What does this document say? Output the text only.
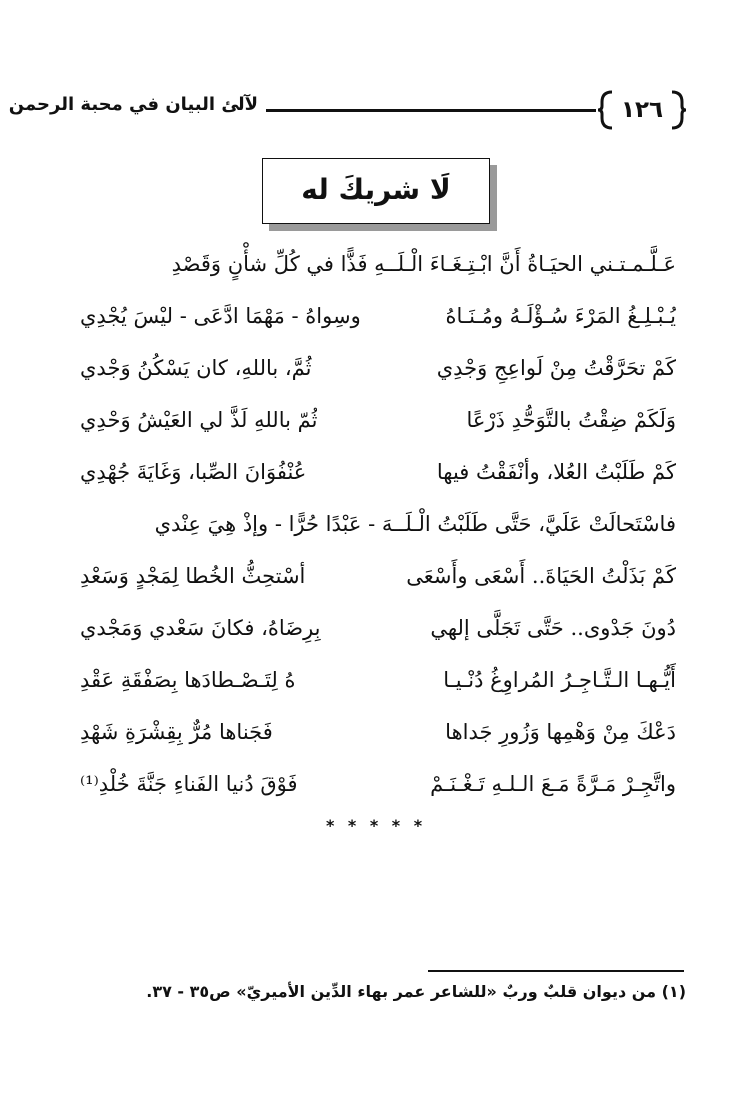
١٢٦
لآلئ البيان في محبة الرحمن
لَا شريكَ له
عَـلَّـمـتـني الحيَـاةُ أَنَّ ابْـتِـغَـاءَ الْـلَــهِ فَذًّا في كُلِّ شأْنٍ وَقَصْدِ
يُـبْـلِـغُ المَرْءَ سُـؤْلَـهُ ومُـنَـاهُ
وسِواهُ - مَهْمَا ادَّعَى - ليْسَ يُجْدِي
كَمْ تحَرَّقْتُ مِنْ لَواعِجِ وَجْدِي
ثُمَّ، باللهِ، كان يَسْكُنُ وَجْدي
وَلَكَمْ ضِقْتُ بالتَّوَحُّدِ ذَرْعًا
ثُمّ باللهِ لَذَّ لي العَيْشُ وَحْدِي
كَمْ طَلَبْتُ العُلا، وأنْفَقْتُ فيها
عُنْفُوَانَ الصِّبا، وَغَايَةَ جُهْدِي
فاسْتَحالَتْ عَلَيَّ، حَتَّى طَلَبْتُ الْـلَــهَ - عَبْدًا حُرًّا - وإذْ هِيَ عِنْدي
كَمْ بَذَلْتُ الحَيَاةَ.. أَسْعَى وأَسْعَى
أسْتحِثُّ الخُطا لِمَجْدٍ وَسَعْدِ
دُونَ جَدْوى.. حَتَّى تَجَلَّى إلهي
بِرِضَاهُ، فكانَ سَعْدي وَمَجْدي
أَيُّـهـا الـتَّـاجِـرُ المُراوِغُ دُنْـيـا
هُ لِتَـصْـطادَها بِصَفْقَةِ عَقْدِ
دَعْكَ مِنْ وَهْمِها وَزُورِ جَداها
فَجَناها مُرٌّ بِقِشْرَةِ شَهْدِ
واتَّجِـرْ مَـرَّةً مَـعَ الـلـهِ تَـغْـنَـمْ
فَوْقَ دُنيا الفَناءِ جَنَّةَ خُلْدِ⁽¹⁾
* * * * *
(١) من ديوان قلبٌ وربٌ «للشاعر عمر بهاء الدِّين الأميريّ» ص٣٥ - ٣٧.
